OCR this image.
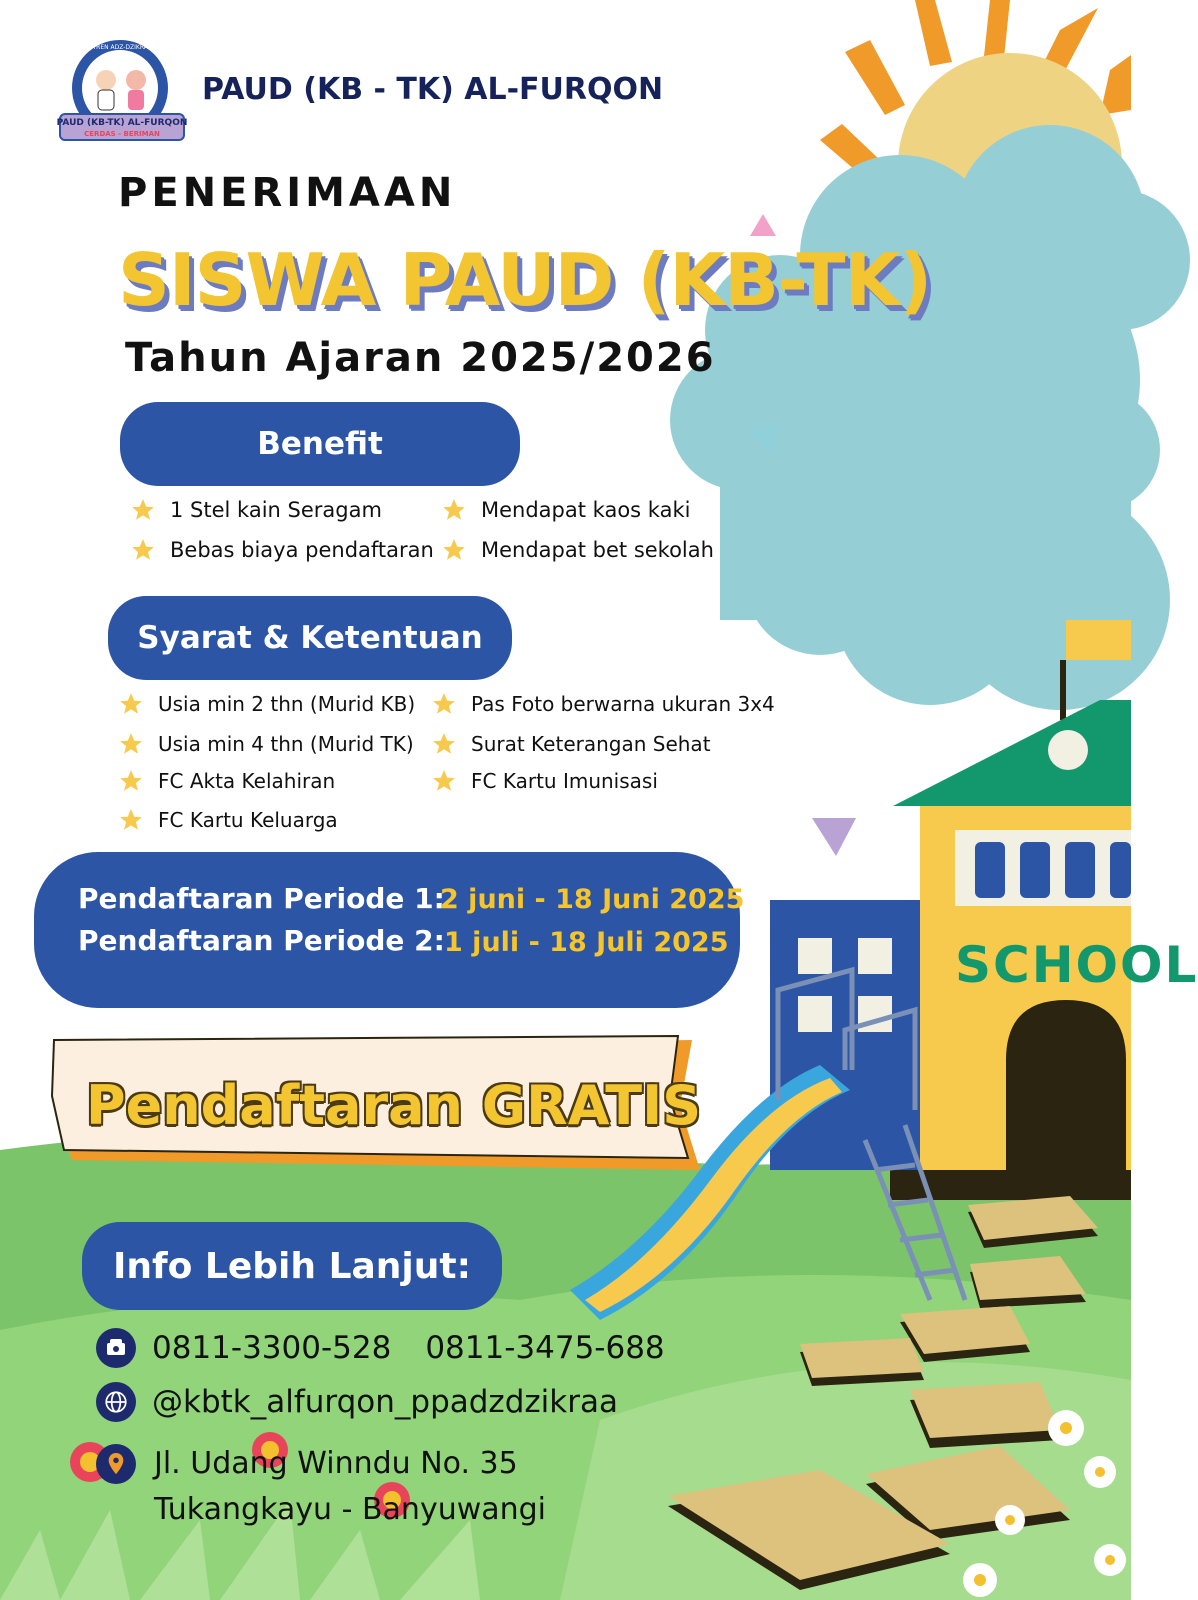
PONDOK PESANTREN ADZ-DZIKRAA BANYUWANGI
PAUD (KB-TK) AL-FURQON
CERDAS - BERIMAN
PAUD (KB - TK) AL-FURQON
PENERIMAAN
SISWA PAUD (KB-TK)
Tahun Ajaran 2025/2026
Benefit
1 Stel kain Seragam
Bebas biaya pendaftaran
Mendapat kaos kaki
Mendapat bet sekolah
Syarat & Ketentuan
Usia min 2 thn (Murid KB)
Usia min 4 thn (Murid TK)
FC Akta Kelahiran
FC Kartu Keluarga
Pas Foto berwarna ukuran 3x4
Surat Keterangan Sehat
FC Kartu Imunisasi
Pendaftaran Periode 1:
2 juni - 18 Juni 2025
Pendaftaran Periode 2: 1 juli - 18 Juli 2025
Pendaftaran GRATIS
Info Lebih Lanjut:
0811-3300-528 0811-3475-688
@kbtk_alfurqon_ppadzdzikraa
Jl. Udang Winndu No. 35
Tukangkayu - Banyuwangi
SCHOOL
